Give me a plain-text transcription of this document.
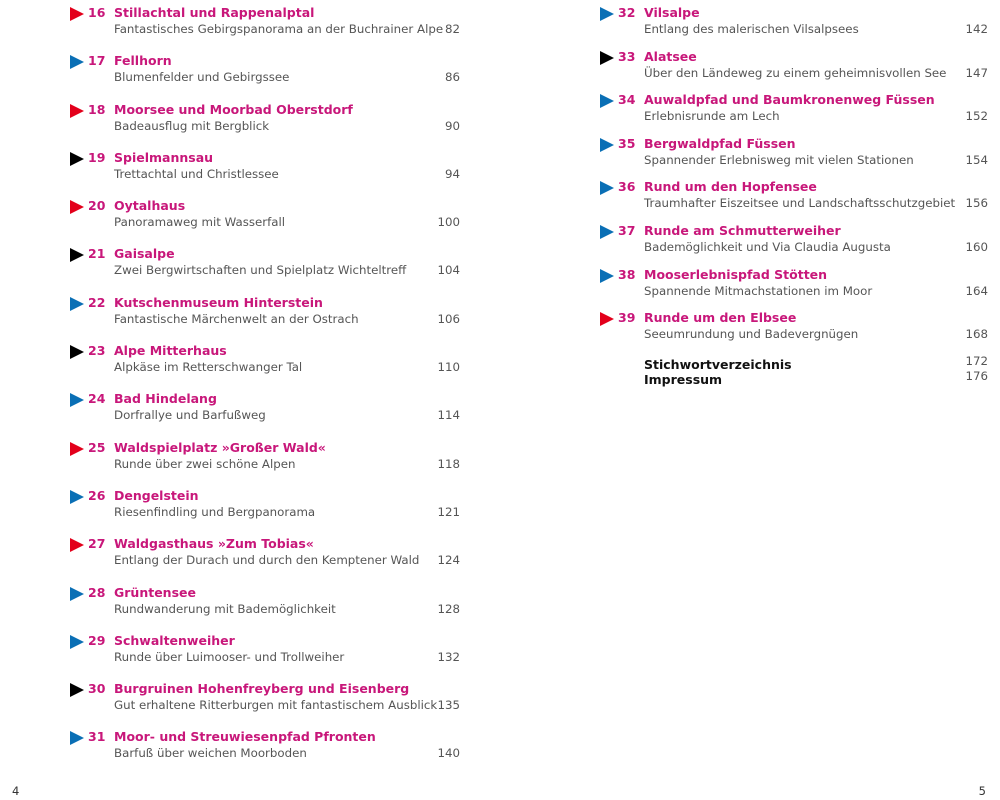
16 Stillachtal und Rappenalptal
Fantastisches Gebirgspanorama an der Buchrainer Alpe 82
17 Fellhorn
Blumenfelder und Gebirgssee	86
18 Moorsee und Moorbad Oberstdorf
Badeausflug mit Bergblick	90
19 Spielmannsau
Trettachtal und Christlessee	94
20 Oytalhaus
Panoramaweg mit Wasserfall	100
21 Gaisalpe
Zwei Bergwirtschaften und Spielplatz Wichteltreff	104
22 Kutschenmuseum Hinterstein
Fantastische Märchenwelt an der Ostrach	106
23 Alpe Mitterhaus
Alpkäse im Retterschwanger Tal	110
24 Bad Hindelang
Dorfrallye und Barfußweg	114
25 Waldspielplatz »Großer Wald«
Runde über zwei schöne Alpen	118
26 Dengelstein
Riesenfindling und Bergpanorama	121
27 Waldgasthaus »Zum Tobias«
Entlang der Durach und durch den Kemptener Wald	124
28 Grüntensee
Rundwanderung mit Bademöglichkeit	128
29 Schwaltenweiher
Runde über Luimooser- und Trollweiher	132
30 Burgruinen Hohenfreyberg und Eisenberg
Gut erhaltene Ritterburgen mit fantastischem Ausblick 135
31 Moor- und Streuwiesenpfad Pfronten
Barfuß über weichen Moorboden	140
32 Vilsalpe
Entlang des malerischen Vilsalpsees	142
33 Alatsee
Über den Ländeweg zu einem geheimnisvollen See	147
34 Auwaldpfad und Baumkronenweg Füssen
Erlebnisrunde am Lech	152
35 Bergwaldpfad Füssen
Spannender Erlebnisweg mit vielen Stationen	154
36 Rund um den Hopfensee
Traumhafter Eiszeitsee und Landschaftsschutzgebiet 156
37 Runde am Schmutterweiher
Bademöglichkeit und Via Claudia Augusta	160
38 Mooserlebnispfad Stötten
Spannende Mitmachstationen im Moor	164
39 Runde um den Elbsee
Seeumrundung und Badevergnügen	168
Stichwortverzeichnis	172
Impressum	176
4	5
